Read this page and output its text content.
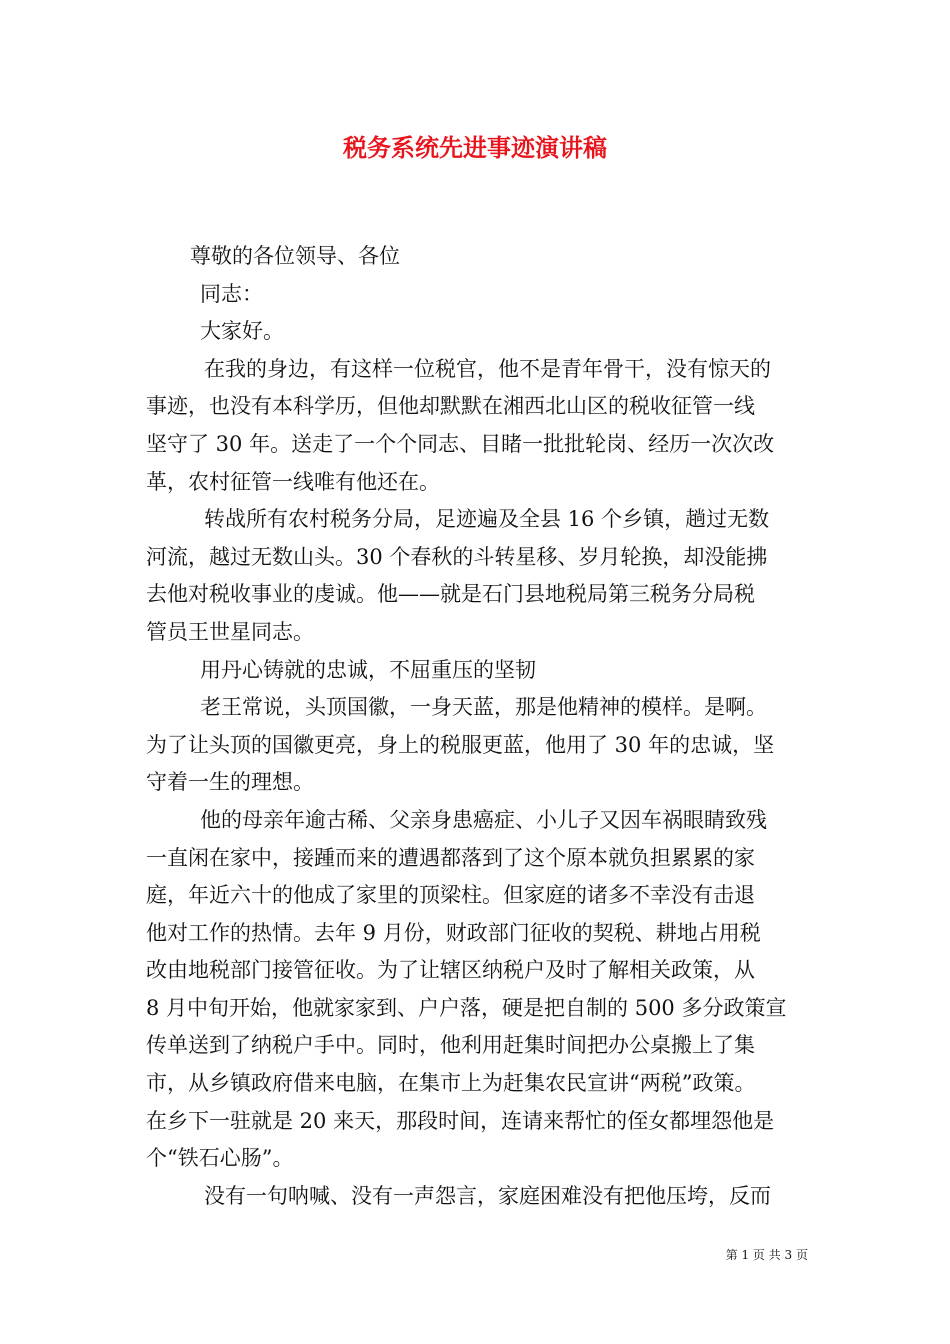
税务系统先进事迹演讲稿

尊敬的各位领导、各位

同志：

大家好。

在我的身边，有这样一位税官，他不是青年骨干，没有惊天的

事迹，也没有本科学历，但他却默默在湘西北山区的税收征管一线

坚守了 30 年。送走了一个个同志、目睹一批批轮岗、经历一次次改

革，农村征管一线唯有他还在。

转战所有农村税务分局，足迹遍及全县 16 个乡镇，趟过无数

河流，越过无数山头。30 个春秋的斗转星移、岁月轮换，却没能拂

去他对税收事业的虔诚。他——就是石门县地税局第三税务分局税

管员王世星同志。

用丹心铸就的忠诚，不屈重压的坚韧

老王常说，头顶国徽，一身天蓝，那是他精神的模样。是啊。

为了让头顶的国徽更亮，身上的税服更蓝，他用了 30 年的忠诚，坚

守着一生的理想。

他的母亲年逾古稀、父亲身患癌症、小儿子又因车祸眼睛致残

一直闲在家中，接踵而来的遭遇都落到了这个原本就负担累累的家

庭，年近六十的他成了家里的顶梁柱。但家庭的诸多不幸没有击退

他对工作的热情。去年 9 月份，财政部门征收的契税、耕地占用税

改由地税部门接管征收。为了让辖区纳税户及时了解相关政策，从

8 月中旬开始，他就家家到、户户落，硬是把自制的 500 多分政策宣

传单送到了纳税户手中。同时，他利用赶集时间把办公桌搬上了集

市，从乡镇政府借来电脑，在集市上为赶集农民宣讲“两税”政策。

在乡下一驻就是 20 来天，那段时间，连请来帮忙的侄女都埋怨他是

个“铁石心肠”。

没有一句呐喊、没有一声怨言，家庭困难没有把他压垮，反而

第 1 页 共 3 页
